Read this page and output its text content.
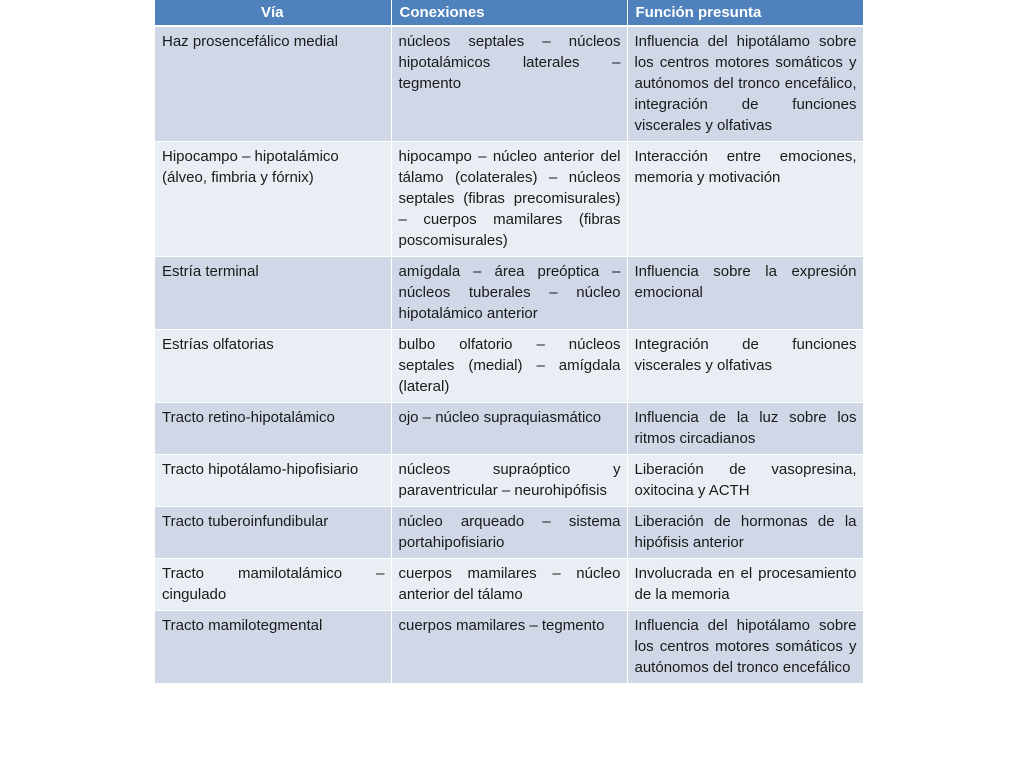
Vía	Conexiones	Función presunta
Haz prosencefálico medial	núcleos septales – núcleos hipotalámicos laterales – tegmento	Influencia del hipotálamo sobre los centros motores somáticos y autónomos del tronco encefálico, integración de funciones viscerales y olfativas
Hipocampo – hipotalámico (álveo, fimbria y fórnix)	hipocampo – núcleo anterior del tálamo (colaterales) – núcleos septales (fibras precomisurales) – cuerpos mamilares (fibras poscomisurales)	Interacción entre emociones, memoria y motivación
Estría terminal	amígdala – área preóptica – núcleos tuberales – núcleo hipotalámico anterior	Influencia sobre la expresión emocional
Estrías olfatorias	bulbo olfatorio – núcleos septales (medial) – amígdala (lateral)	Integración de funciones viscerales y olfativas
Tracto retino-hipotalámico	ojo – núcleo supraquiasmático	Influencia de la luz sobre los ritmos circadianos
Tracto hipotálamo-hipofisiario	núcleos supraóptico y paraventricular – neurohipófisis	Liberación de vasopresina, oxitocina y ACTH
Tracto tuberoinfundibular	núcleo arqueado – sistema portahipofisiario	Liberación de hormonas de la hipófisis anterior
Tracto mamilotalámico – cingulado	cuerpos mamilares – núcleo anterior del tálamo	Involucrada en el procesamiento de la memoria
Tracto mamilotegmental	cuerpos mamilares – tegmento	Influencia del hipotálamo sobre los centros motores somáticos y autónomos del tronco encefálico
